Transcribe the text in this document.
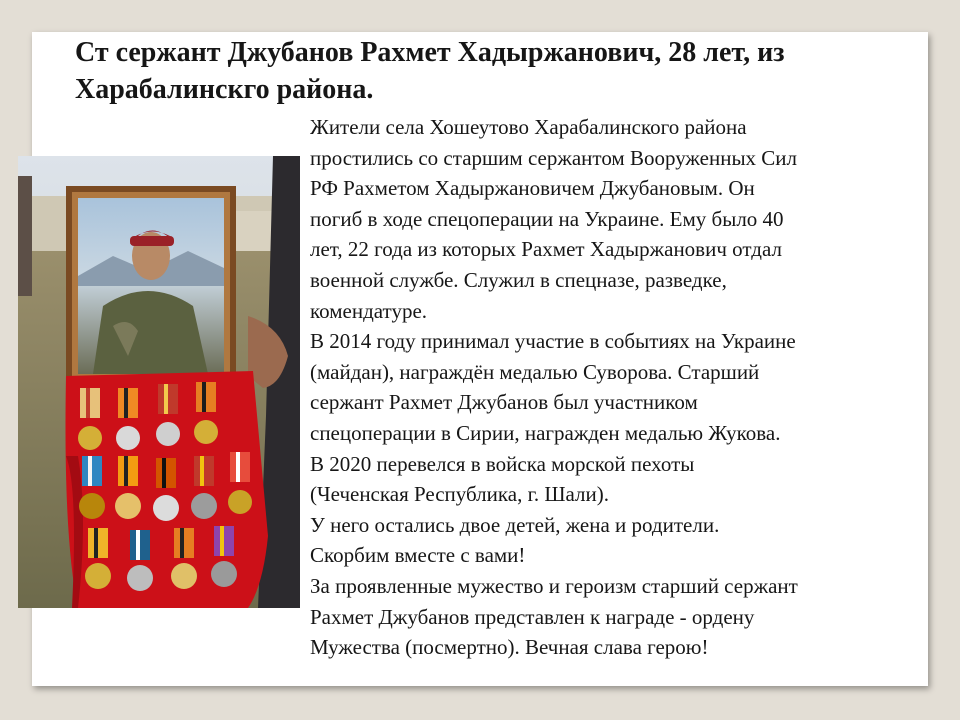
Ст сержант Джубанов Рахмет Хадыржанович, 28 лет, из
Харабалинскго района.

Жители села Хошеутово Харабалинского района

простились со старшим сержантом Вооруженных Сил

РФ Рахметом Хадыржановичем Джубановым. Он

погиб в ходе спецоперации на Украине. Ему было 40

лет, 22 года из которых Рахмет Хадыржанович отдал

военной службе. Служил в спецназе, разведке,

комендатуре.

В 2014 году принимал участие в событиях на Украине

(майдан), награждён медалью Суворова. Старший

сержант Рахмет Джубанов был участником

спецоперации в Сирии, награжден медалью Жукова.

В 2020 перевелся в войска морской пехоты

(Чеченская Республика, г. Шали).

У него остались двое детей, жена и родители.

Скорбим вместе с вами!

За проявленные мужество и героизм старший сержант

Рахмет Джубанов представлен к награде - ордену

Мужества (посмертно). Вечная слава герою!
